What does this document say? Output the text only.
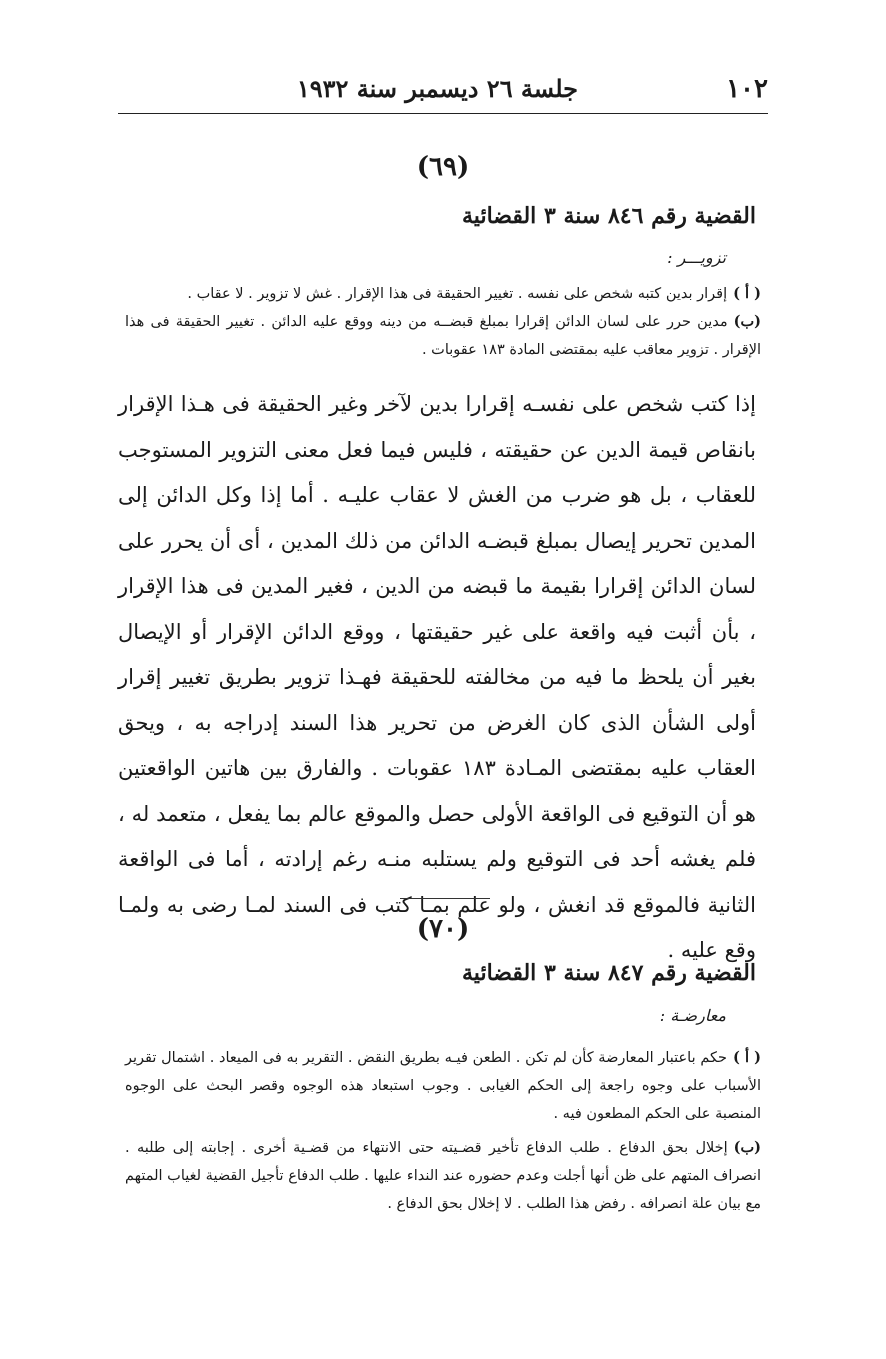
١٠٢
جلسة ٢٦ ديسمبر سنة ١٩٣٢
(٦٩)
القضية رقم ٨٤٦ سنة ٣ القضائية
تزويـــر :
( أ )إقرار بدين كتبه شخص على نفسه . تغيير الحقيقة فى هذا الإقرار . غش لا تزوير . لا عقاب .
(ب)مدين حرر على لسان الدائن إقرارا بمبلغ قبضــه من دينه ووقع عليه الدائن . تغيير الحقيقة فى هذا الإقرار . تزوير معاقب عليه بمقتضى المادة ١٨٣ عقوبات .

إذا كتب شخص على نفسـه إقرارا بدين لآخر وغير الحقيقة فى هـذا الإقرار بانقاص قيمة الدين عن حقيقته ، فليس فيما فعل معنى التزوير المستوجب للعقاب ، بل هو ضرب من الغش لا عقاب عليـه . أما إذا وكل الدائن إلى المدين تحرير إيصال بمبلغ قبضـه الدائن من ذلك المدين ، أى أن يحرر على لسان الدائن إقرارا بقيمة ما قبضه من الدين ، فغير المدين فى هذا الإقرار ، بأن أثبت فيه واقعة على غير حقيقتها ، ووقع الدائن الإقرار أو الإيصال بغير أن يلحظ ما فيه من مخالفته للحقيقة فهـذا تزوير بطريق تغيير إقرار أولى الشأن الذى كان الغرض من تحرير هذا السند إدراجه به ، ويحق العقاب عليه بمقتضى المـادة ١٨٣ عقوبات . والفارق بين هاتين الواقعتين هو أن التوقيع فى الواقعة الأولى حصل والموقع عالم بما يفعل ، متعمد له ، فلم يغشه أحد فى التوقيع ولم يستلبه منـه رغم إرادته ، أما فى الواقعة الثانية فالموقع قد انغش ، ولو علم بمـا كتب فى السند لمـا رضى به ولمـا وقع عليه .

(٧٠)
القضية رقم ٨٤٧ سنة ٣ القضائية
معارضـة :
( أ )حكم باعتبار المعارضة كأن لم تكن . الطعن فيـه بطريق النقض . التقرير به فى الميعاد . اشتمال تقرير الأسباب على وجوه راجعة إلى الحكم الغيابى . وجوب استبعاد هذه الوجوه وقصر البحث على الوجوه المنصبة على الحكم المطعون فيه .
(ب)إخلال بحق الدفاع . طلب الدفاع تأخير قضـيته حتى الانتهاء من قضـية أخرى . إجابته إلى طلبه . انصراف المتهم على ظن أنها أجلت وعدم حضوره عند النداء عليها . طلب الدفاع تأجيل القضية لغياب المتهم مع بيان علة انصرافه . رفض هذا الطلب . لا إخلال بحق الدفاع .
